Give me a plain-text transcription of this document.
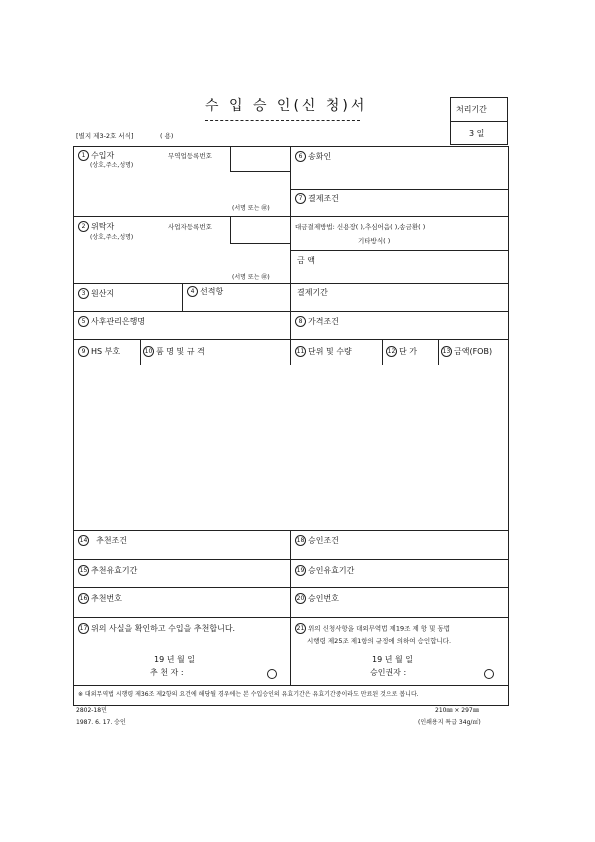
수 입 승 인(신 청)서	처리기간
3 일
[별지 제3-2호 서식]	( 용)
1 수입자
(상호,주소,성명)
무역업등록번호
(서명 또는 ㊞)
6 송화인
7 결제조건
2 위탁자
(상호,주소,성명)
사업자등록번호
(서명 또는 ㊞)
대금결제방법: 신용장( ),추심어음( ),송금환( )
기타방식( )
금 액
3 원산지	4 선적항	결제기간
5 사후관리은행명	8 가격조건
9 HS 부호	10 품 명 및 규 격	11 단위 및 수량	12 단 가	13 금액(FOB)
14 추천조건	18 승인조건
15 추천유효기간	19 승인유효기간
16 추천번호	20 승인번호
17 위의 사실을 확인하고 수입을 추천합니다.	21 위의 신청사항을 대외무역법 제19조 제 항 및 동법
시행령 제25조 제1항의 규정에 의하여 승인합니다.
19 년 월 일
추 천 자 :
19 년 월 일
승인권자 :
※ 대외무역법 시행령 제36조 제2항의 요건에 해당될 경우에는 본 수입승인의 유효기간은 유효기간중이라도 만료된 것으로 봅니다.
2802-18민
1987. 6. 17. 승인
210㎜ × 297㎜
(인쇄용지 특급 34g/㎡)
